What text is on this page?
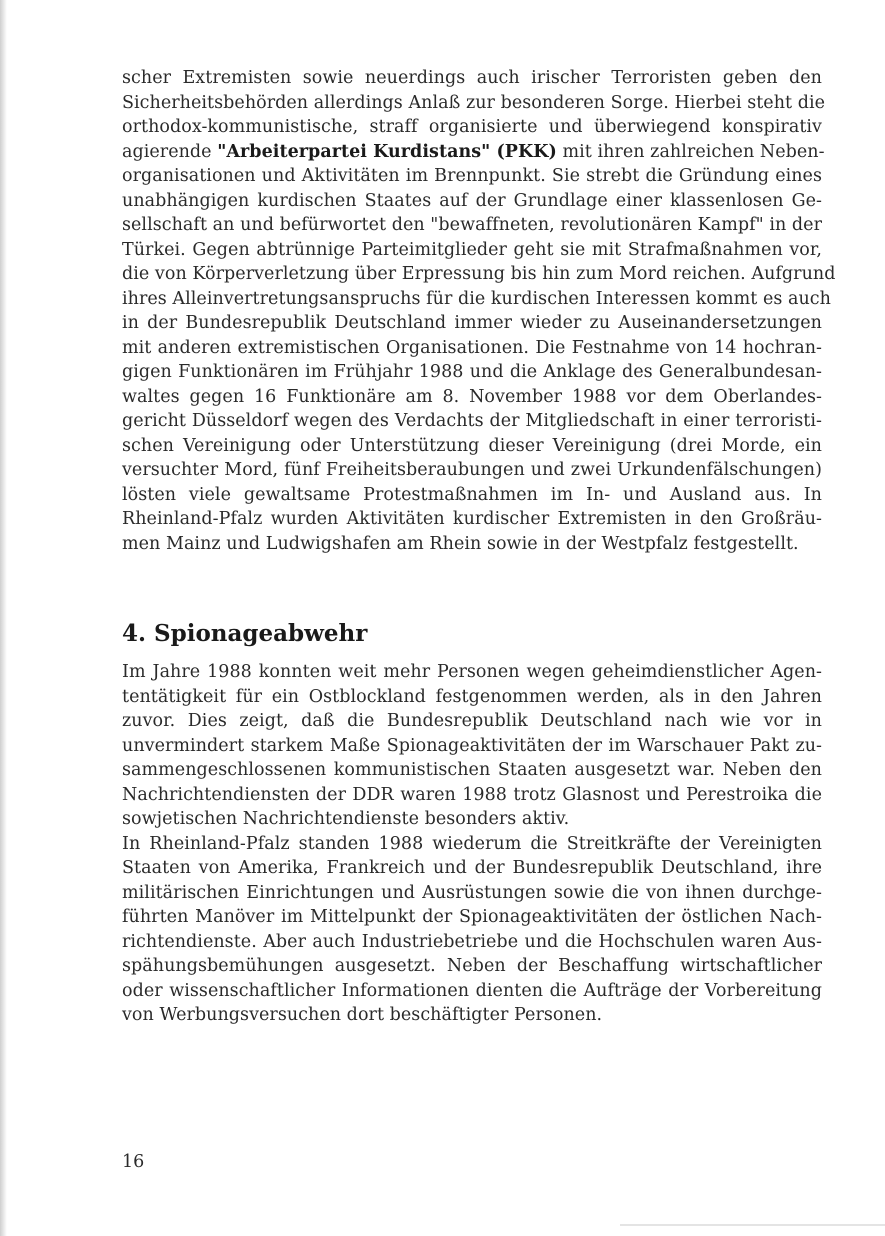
scher Extremisten sowie neuerdings auch irischer Terroristen geben den
Sicherheitsbehörden allerdings Anlaß zur besonderen Sorge. Hierbei steht die
orthodox-kommunistische, straff organisierte und überwiegend konspirativ
agierende "Arbeiterpartei Kurdistans" (PKK) mit ihren zahlreichen Neben-
organisationen und Aktivitäten im Brennpunkt. Sie strebt die Gründung eines
unabhängigen kurdischen Staates auf der Grundlage einer klassenlosen Ge-
sellschaft an und befürwortet den "bewaffneten, revolutionären Kampf" in der
Türkei. Gegen abtrünnige Parteimitglieder geht sie mit Strafmaßnahmen vor,
die von Körperverletzung über Erpressung bis hin zum Mord reichen. Aufgrund
ihres Alleinvertretungsanspruchs für die kurdischen Interessen kommt es auch
in der Bundesrepublik Deutschland immer wieder zu Auseinandersetzungen
mit anderen extremistischen Organisationen. Die Festnahme von 14 hochran-
gigen Funktionären im Frühjahr 1988 und die Anklage des Generalbundesan-
waltes gegen 16 Funktionäre am 8. November 1988 vor dem Oberlandes-
gericht Düsseldorf wegen des Verdachts der Mitgliedschaft in einer terroristi-
schen Vereinigung oder Unterstützung dieser Vereinigung (drei Morde, ein
versuchter Mord, fünf Freiheitsberaubungen und zwei Urkundenfälschungen)
lösten viele gewaltsame Protestmaßnahmen im In- und Ausland aus. In
Rheinland-Pfalz wurden Aktivitäten kurdischer Extremisten in den Großräu-
men Mainz und Ludwigshafen am Rhein sowie in der Westpfalz festgestellt.
4. Spionageabwehr
Im Jahre 1988 konnten weit mehr Personen wegen geheimdienstlicher Agen-
tentätigkeit für ein Ostblockland festgenommen werden, als in den Jahren
zuvor. Dies zeigt, daß die Bundesrepublik Deutschland nach wie vor in
unvermindert starkem Maße Spionageaktivitäten der im Warschauer Pakt zu-
sammengeschlossenen kommunistischen Staaten ausgesetzt war. Neben den
Nachrichtendiensten der DDR waren 1988 trotz Glasnost und Perestroika die
sowjetischen Nachrichtendienste besonders aktiv.
In Rheinland-Pfalz standen 1988 wiederum die Streitkräfte der Vereinigten
Staaten von Amerika, Frankreich und der Bundesrepublik Deutschland, ihre
militärischen Einrichtungen und Ausrüstungen sowie die von ihnen durchge-
führten Manöver im Mittelpunkt der Spionageaktivitäten der östlichen Nach-
richtendienste. Aber auch Industriebetriebe und die Hochschulen waren Aus-
spähungsbemühungen ausgesetzt. Neben der Beschaffung wirtschaftlicher
oder wissenschaftlicher Informationen dienten die Aufträge der Vorbereitung
von Werbungsversuchen dort beschäftigter Personen.
16
